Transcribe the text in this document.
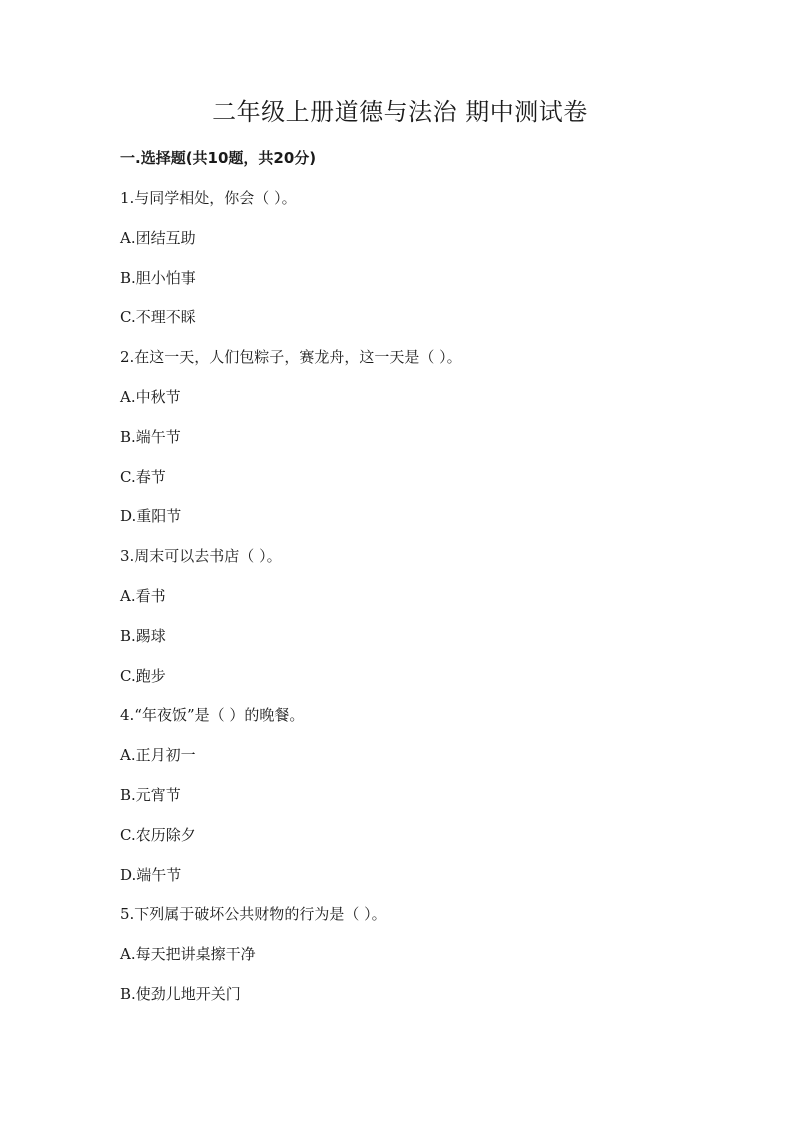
二年级上册道德与法治 期中测试卷
一.选择题(共10题，共20分)
1.与同学相处，你会（ ）。
A.团结互助
B.胆小怕事
C.不理不睬
2.在这一天，人们包粽子，赛龙舟，这一天是（ ）。
A.中秋节
B.端午节
C.春节
D.重阳节
3.周末可以去书店（ ）。
A.看书
B.踢球
C.跑步
4.“年夜饭”是（ ）的晚餐。
A.正月初一
B.元宵节
C.农历除夕
D.端午节
5.下列属于破坏公共财物的行为是（ ）。
A.每天把讲桌擦干净
B.使劲儿地开关门
